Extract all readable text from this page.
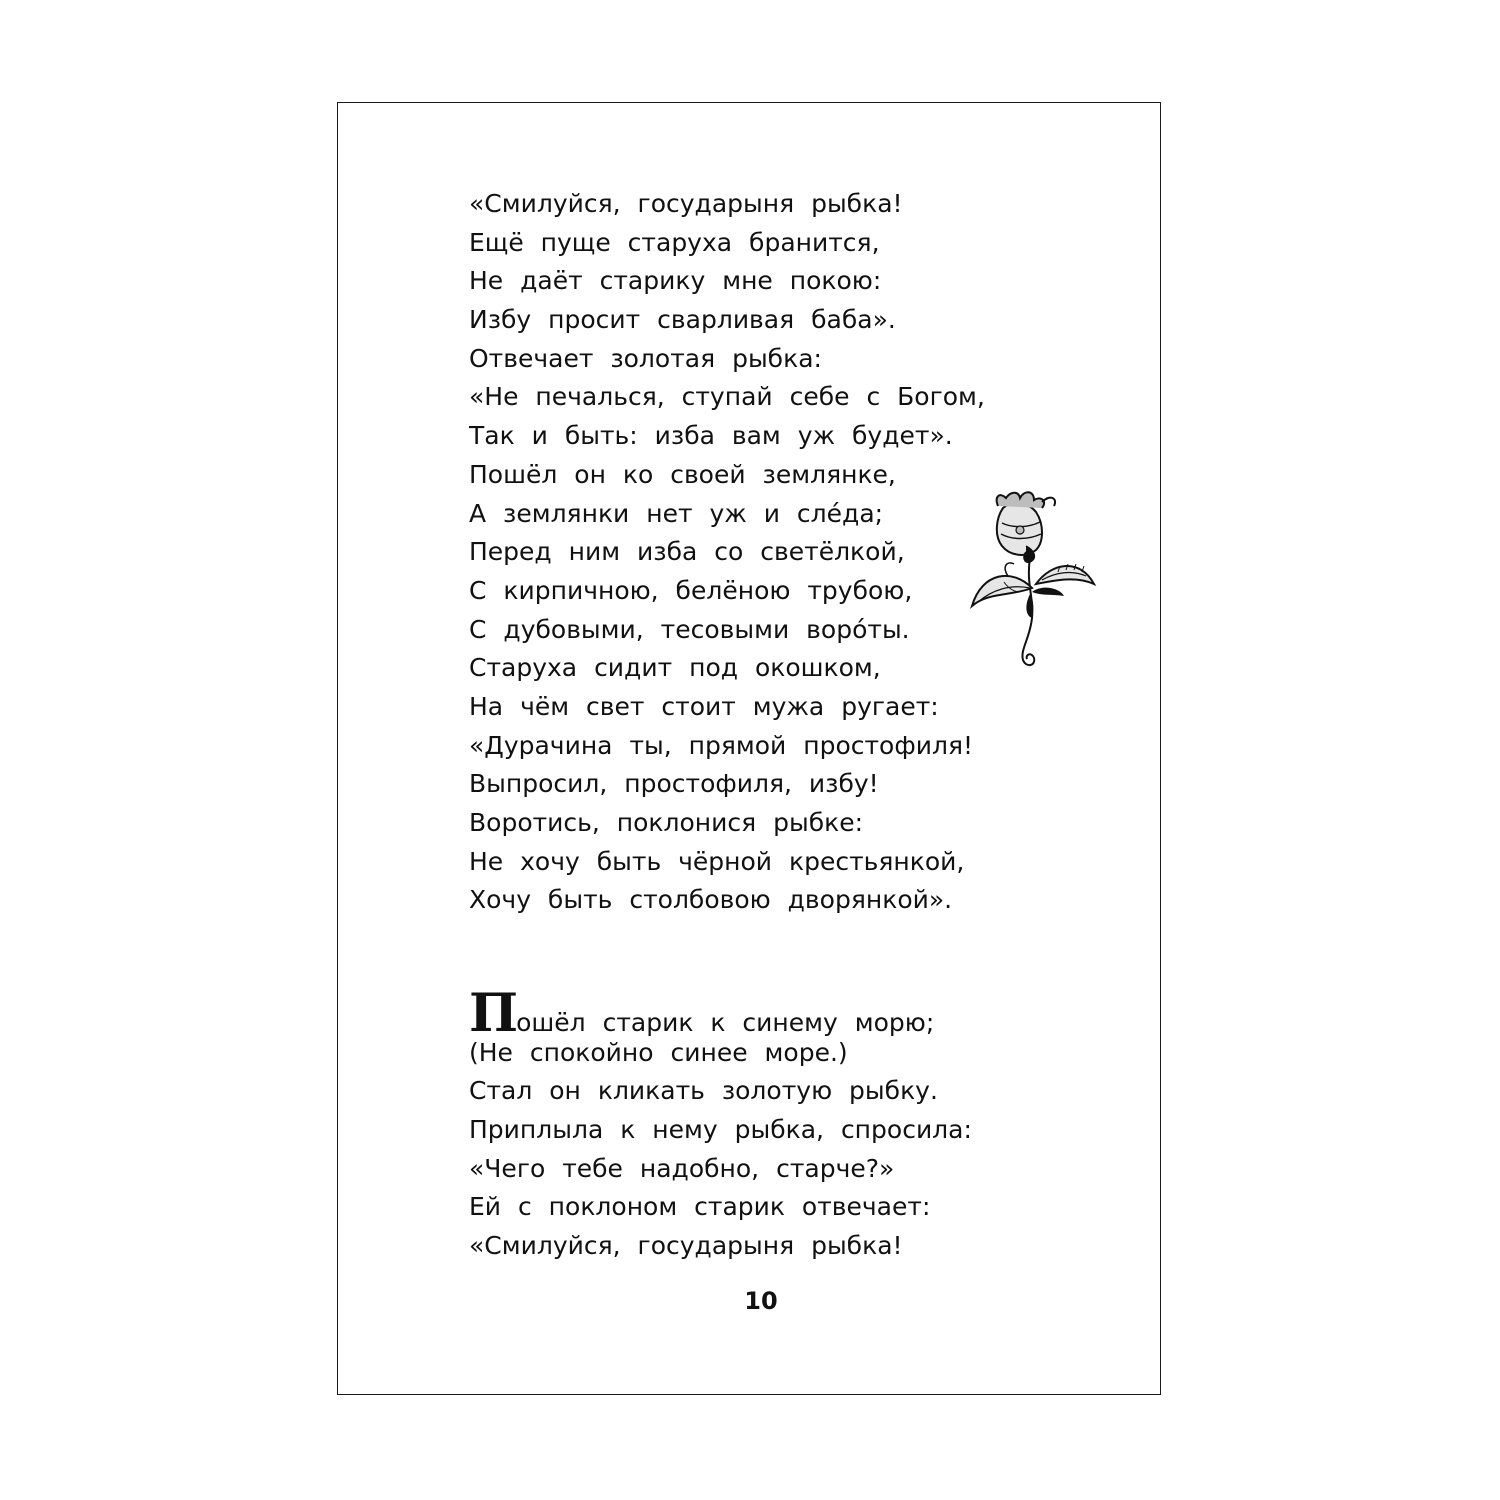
«Смилуйся, государыня рыбка!
Ещё пуще старуха бранится,
Не даёт старику мне покою:
Избу просит сварливая баба».
Отвечает золотая рыбка:
«Не печалься, ступай себе с Богом,
Так и быть: изба вам уж будет».
Пошёл он ко своей землянке,
А землянки нет уж и сле́да;
Перед ним изба со светёлкой,
С кирпичною, белёною трубою,
С дубовыми, тесовыми воро́ты.
Старуха сидит под окошком,
На чём свет стоит мужа ругает:
«Дурачина ты, прямой простофиля!
Выпросил, простофиля, избу!
Воротись, поклонися рыбке:
Не хочу быть чёрной крестьянкой,
Хочу быть столбовою дворянкой».
Пошёл старик к синему морю;
(Не спокойно синее море.)
Стал он кликать золотую рыбку.
Приплыла к нему рыбка, спросила:
«Чего тебе надобно, старче?»
Ей с поклоном старик отвечает:
«Смилуйся, государыня рыбка!
10
